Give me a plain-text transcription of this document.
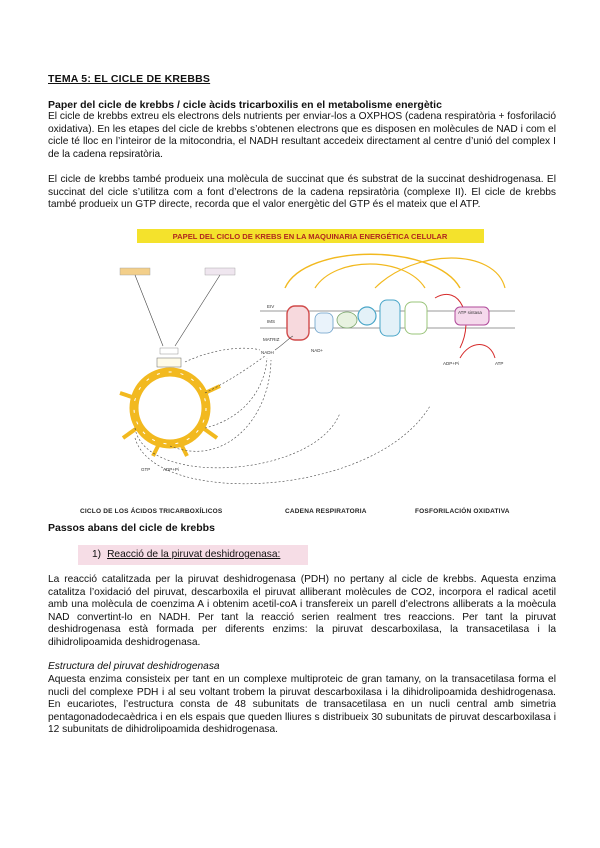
TEMA 5: EL CICLE DE KREBBS
Paper del cicle de krebbs / cicle àcids tricarboxilis en el metabolisme energètic

El cicle de krebbs extreu els electrons dels nutrients per enviar-los a OXPHOS (cadena respiratòria + fosforilació oxidativa). En les etapes del cicle de krebbs s’obtenen electrons que es disposen en molècules de NAD i com el cicle té lloc en l’inteiror de la mitocondria, el NADH resultant accedeix directament al centre d’unió del complex I de la cadena repsiratòria.

El cicle de krebbs també produeix una molècula de succinat que és substrat de la succinat deshidrogenasa. El succinat del cicle s’utilitza com a font d’electrons de la cadena repsiratòria (complexe II). El cicle de krebbs també produeix un GTP directe, recorda que el valor energètic del GTP és el mateix que el ATP.

PAPEL DEL CICLO DE KREBS EN LA MAQUINARIA ENERGÉTICA CELULAR
GTP	ADP+Pi
EIV
IMS
MATRIZ
ATP sintasa
ADP+Pi	ATP
NADH	NAD+
CICLO DE LOS ÁCIDOS TRICARBOXÍLICOS	CADENA RESPIRATORIA	FOSFORILACIÓN OXIDATIVA
Passos abans del cicle de krebbs
1) Reacció de la piruvat deshidrogenasa:

La reacció catalitzada per la piruvat deshidrogenasa (PDH) no pertany al cicle de krebbs. Aquesta enzima catalitza l’oxidació del piruvat, descarboxila el piruvat alliberant molècules de CO2, incorpora el radical acetil amb una molècula de coenzima A i obtenim acetil-coA i transfereix un parell d’electrons alliberats a la moècula NAD convertint-lo en NADH. Per tant la reacció serien realment tres reaccions. Per tant la piruvat deshidrogenasa està formada per diferents enzims: la piruvat descarboxilasa, la transacetilasa i la dihidrolipoamida deshidrogenasa.

Estructura del piruvat deshidrogenasa

Aquesta enzima consisteix per tant en un complexe multiproteic de gran tamany, on la transacetilasa forma el nucli del complexe PDH i al seu voltant trobem la piruvat descarboxilasa i la dihidrolipoamida deshidrogenasa. En eucariotes, l’estructura consta de 48 subunitats de transacetilasa en un nucli central amb simetria pentagonadodecaèdrica i en els espais que queden lliures s distribueix 30 subunitats de piruvat descarboxilasa i 12 subunitats de dihidrolipoamida deshidrogenasa.
